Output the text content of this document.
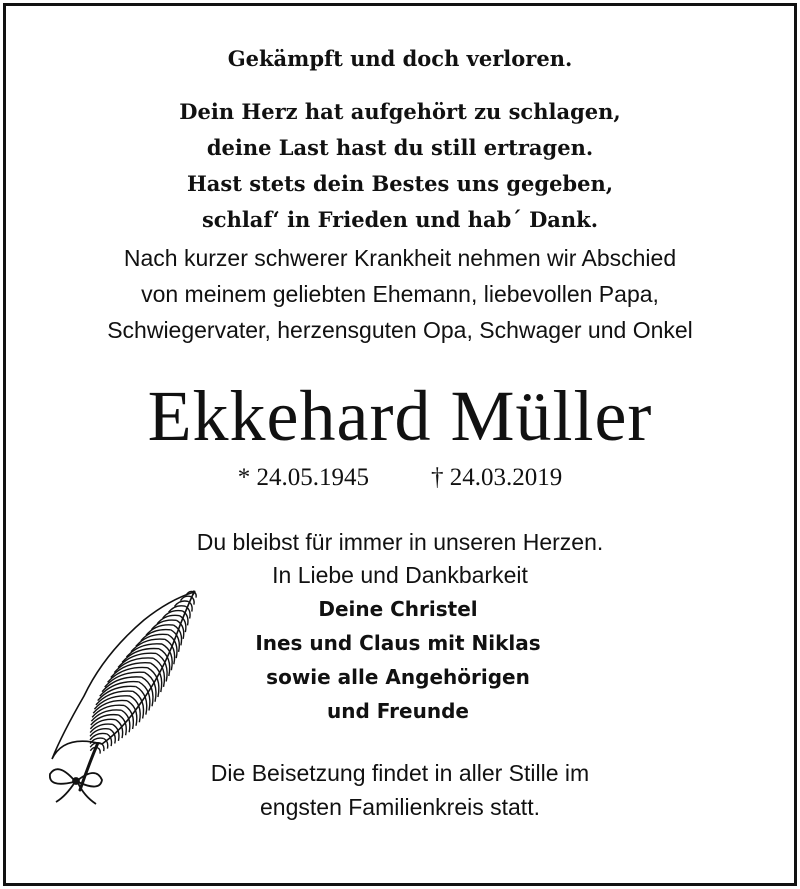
Gekämpft und doch verloren.
Dein Herz hat aufgehört zu schlagen,
deine Last hast du still ertragen.
Hast stets dein Bestes uns gegeben,
schlaf‘ in Frieden und hab´ Dank.
Nach kurzer schwerer Krankheit nehmen wir Abschied
von meinem geliebten Ehemann, liebevollen Papa,
Schwiegervater, herzensguten Opa, Schwager und Onkel
Ekkehard Müller
* 24.05.1945 † 24.03.2019
Du bleibst für immer in unseren Herzen.
In Liebe und Dankbarkeit
Deine Christel
Ines und Claus mit Niklas
sowie alle Angehörigen
und Freunde
Die Beisetzung findet in aller Stille im
engsten Familienkreis statt.
